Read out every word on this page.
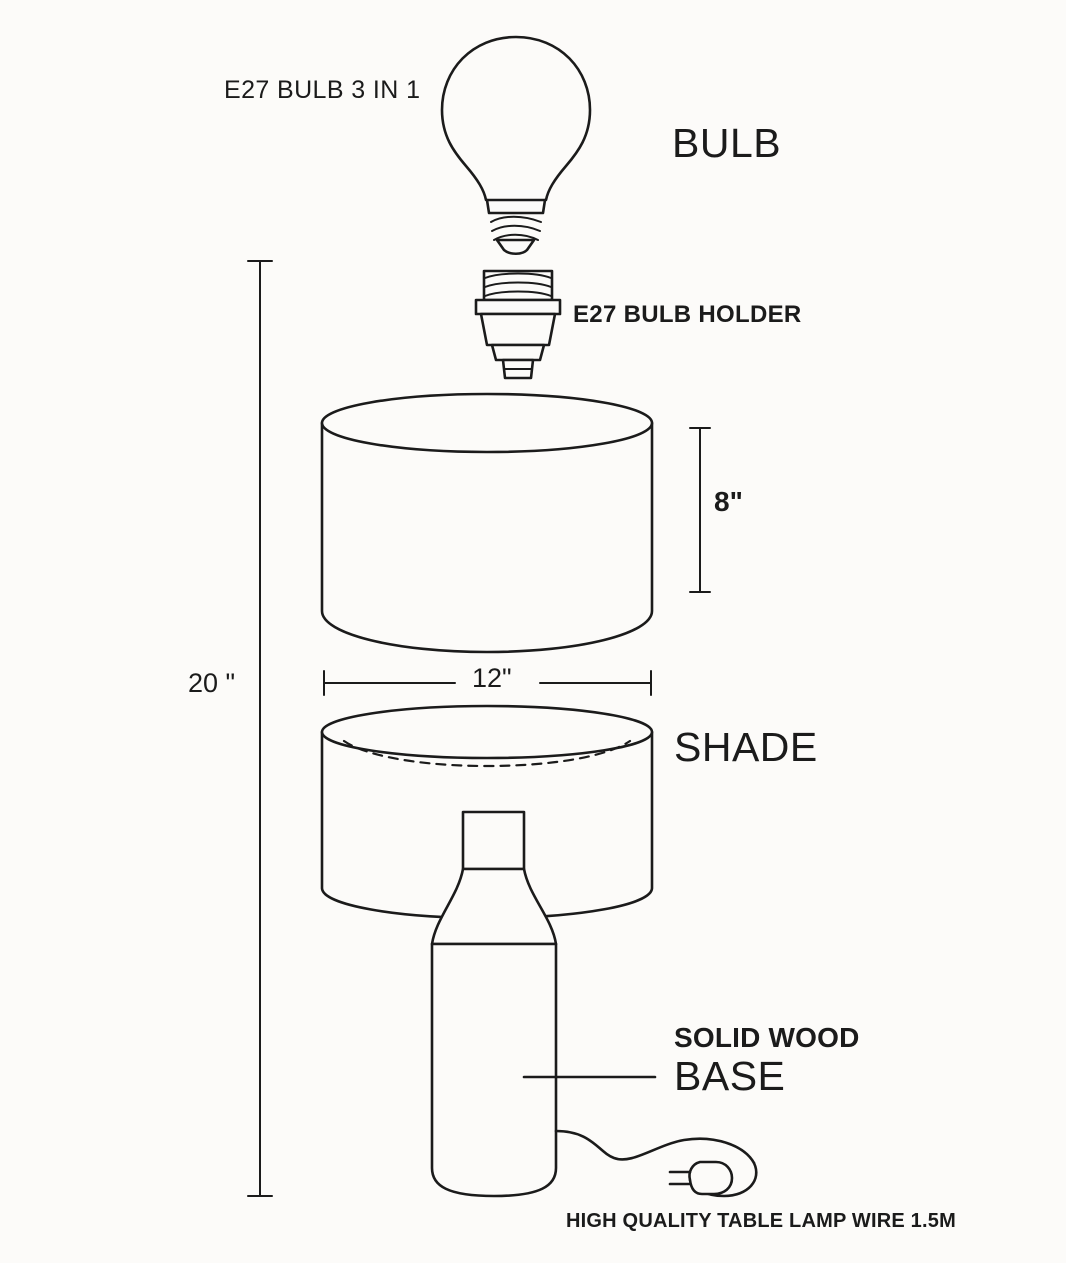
E27 BULB 3 IN 1
BULB
E27 BULB HOLDER
8"
12"
20 "
SHADE
SOLID WOOD
BASE
HIGH QUALITY TABLE LAMP WIRE 1.5M
